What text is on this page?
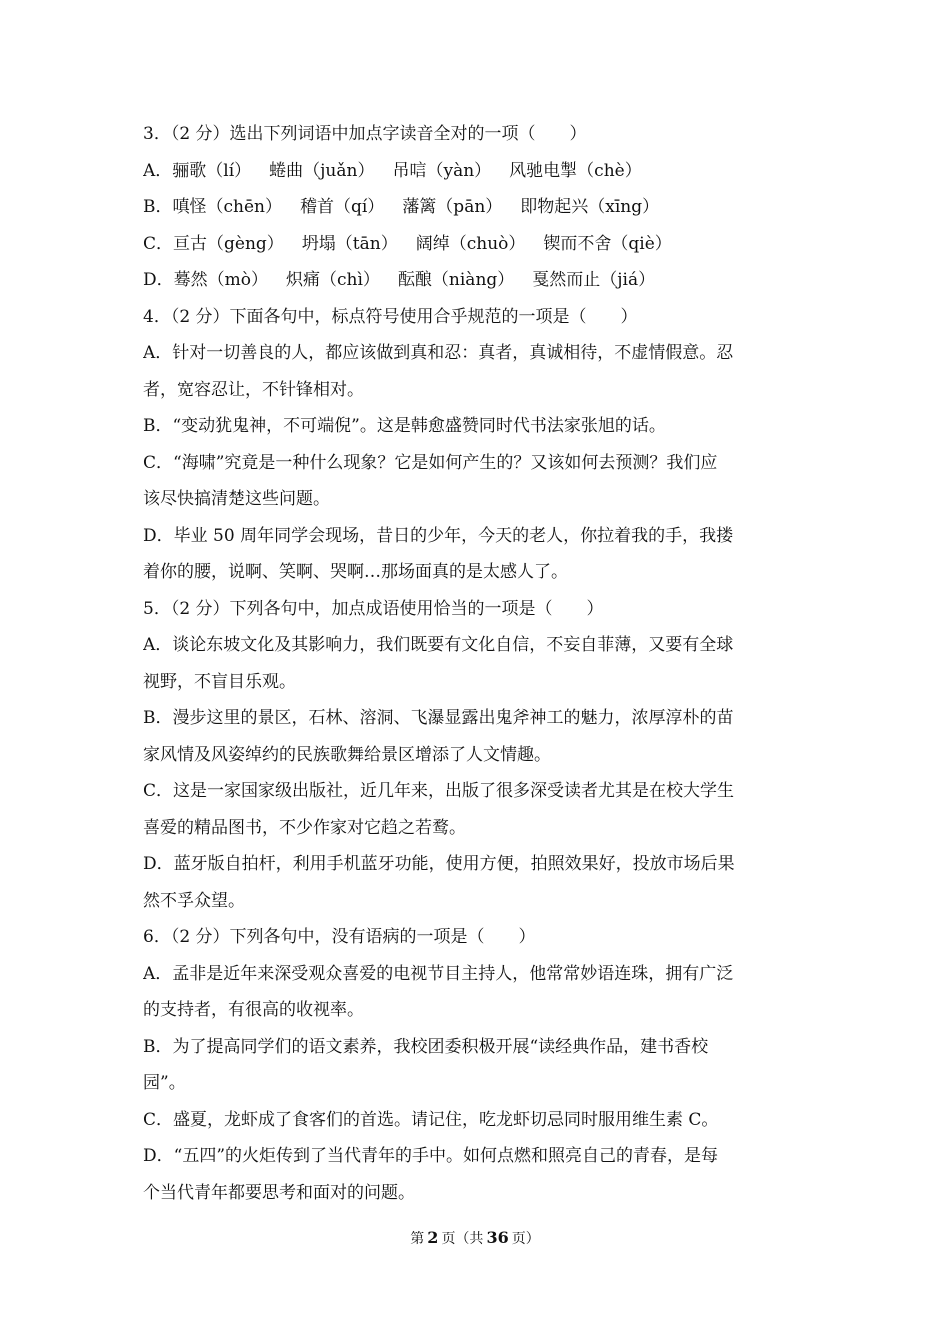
3．（2 分）选出下列词语中加点字读音全对的一项（　　）
A．骊歌（lí） 蜷曲（juǎn） 吊唁（yàn） 风驰电掣（chè）
B．嗔怪（chēn） 稽首（qí） 藩篱（pān） 即物起兴（xīng）
C．亘古（gèng） 坍塌（tān） 阔绰（chuò） 锲而不舍（qiè）
D．蓦然（mò） 炽痛（chì） 酝酿（niàng） 戛然而止（jiá）
4．（2 分）下面各句中，标点符号使用合乎规范的一项是（　　）
A．针对一切善良的人，都应该做到真和忍：真者，真诚相待，不虚情假意。忍
者，宽容忍让，不针锋相对。
B．“变动犹鬼神，不可端倪”。这是韩愈盛赞同时代书法家张旭的话。
C．“海啸”究竟是一种什么现象？它是如何产生的？又该如何去预测？我们应
该尽快搞清楚这些问题。
D．毕业 50 周年同学会现场，昔日的少年，今天的老人，你拉着我的手，我搂
着你的腰，说啊、笑啊、哭啊…那场面真的是太感人了。
5．（2 分）下列各句中，加点成语使用恰当的一项是（　　）
A．谈论东坡文化及其影响力，我们既要有文化自信，不妄自菲薄，又要有全球
视野，不盲目乐观。
B．漫步这里的景区，石林、溶洞、飞瀑显露出鬼斧神工的魅力，浓厚淳朴的苗
家风情及风姿绰约的民族歌舞给景区增添了人文情趣。
C．这是一家国家级出版社，近几年来，出版了很多深受读者尤其是在校大学生
喜爱的精品图书，不少作家对它趋之若鹜。
D．蓝牙版自拍杆，利用手机蓝牙功能，使用方便，拍照效果好，投放市场后果
然不孚众望。
6．（2 分）下列各句中，没有语病的一项是（　　）
A．孟非是近年来深受观众喜爱的电视节目主持人，他常常妙语连珠，拥有广泛
的支持者，有很高的收视率。
B．为了提高同学们的语文素养，我校团委积极开展“读经典作品，建书香校
园”。
C．盛夏，龙虾成了食客们的首选。请记住，吃龙虾切忌同时服用维生素 C。
D．“五四”的火炬传到了当代青年的手中。如何点燃和照亮自己的青春，是每
个当代青年都要思考和面对的问题。
第 2 页（共 36 页）
